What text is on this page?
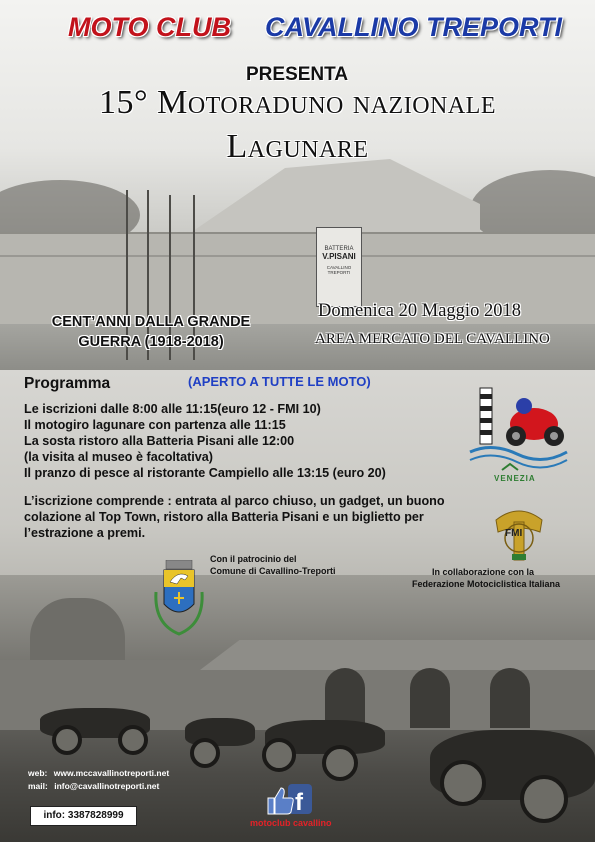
BATTERIA
V.PISANI
CAVALLINO TREPORTI
MOTO CLUB CAVALLINO TREPORTI
PRESENTA
15° Motoraduno nazionale
Lagunare
CENT’ANNI DALLA GRANDE
GUERRA (1918-2018)
Domenica 20 Maggio 2018
AREA MERCATO DEL CAVALLINO
Programma	(APERTO A TUTTE LE MOTO)

Le iscrizioni dalle 8:00 alle 11:15(euro 12 - FMI 10)

Il motogiro lagunare con partenza alle 11:15

La sosta ristoro alla Batteria Pisani alle 12:00

(la visita al museo è facoltativa)

Il pranzo di pesce al ristorante Campiello alle 13:15 (euro 20)

L’iscrizione comprende : entrata al parco chiuso, un gadget, un buono

colazione al Top Town, ristoro alla Batteria Pisani e un biglietto per

l’estrazione a premi.

VENEZIA
FMI
Con il patrocinio del
Comune di Cavallino-Treporti	In collaborazione con la
Federazione Motociclistica Italiana
web: www.mccavallinotreporti.net
mail: info@cavallinotreporti.net
info: 3387828999	f
motoclub cavallino
